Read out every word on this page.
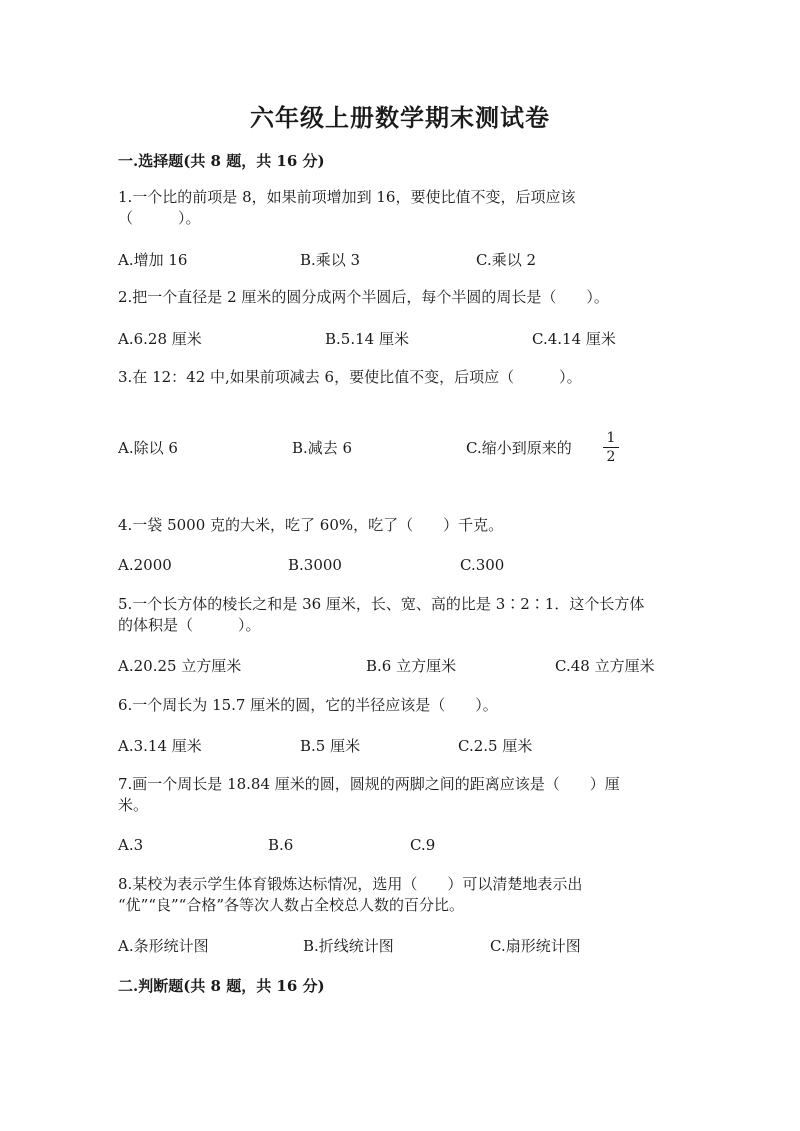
六年级上册数学期末测试卷
一.选择题(共 8 题，共 16 分)
1.一个比的前项是 8，如果前项增加到 16，要使比值不变，后项应该
（　　　）。
A.增加 16	B.乘以 3	C.乘以 2
2.把一个直径是 2 厘米的圆分成两个半圆后，每个半圆的周长是（　　）。
A.6.28 厘米	B.5.14 厘米	C.4.14 厘米
3.在 12：42 中,如果前项减去 6，要使比值不变，后项应（　　　）。
A.除以 6	B.减去 6	C.缩小到原来的
1
2
4.一袋 5000 克的大米，吃了 60%，吃了（　　）千克。
A.2000	B.3000	C.300
5.一个长方体的棱长之和是 36 厘米，长、宽、高的比是 3∶2∶1．这个长方体
的体积是（　　　）。
A.20.25 立方厘米	B.6 立方厘米	C.48 立方厘米
6.一个周长为 15.7 厘米的圆，它的半径应该是（　　）。
A.3.14 厘米	B.5 厘米	C.2.5 厘米
7.画一个周长是 18.84 厘米的圆，圆规的两脚之间的距离应该是（　　）厘
米。
A.3	B.6	C.9
8.某校为表示学生体育锻炼达标情况，选用（　　）可以清楚地表示出
“优”“良”“合格”各等次人数占全校总人数的百分比。
A.条形统计图	B.折线统计图	C.扇形统计图
二.判断题(共 8 题，共 16 分)
